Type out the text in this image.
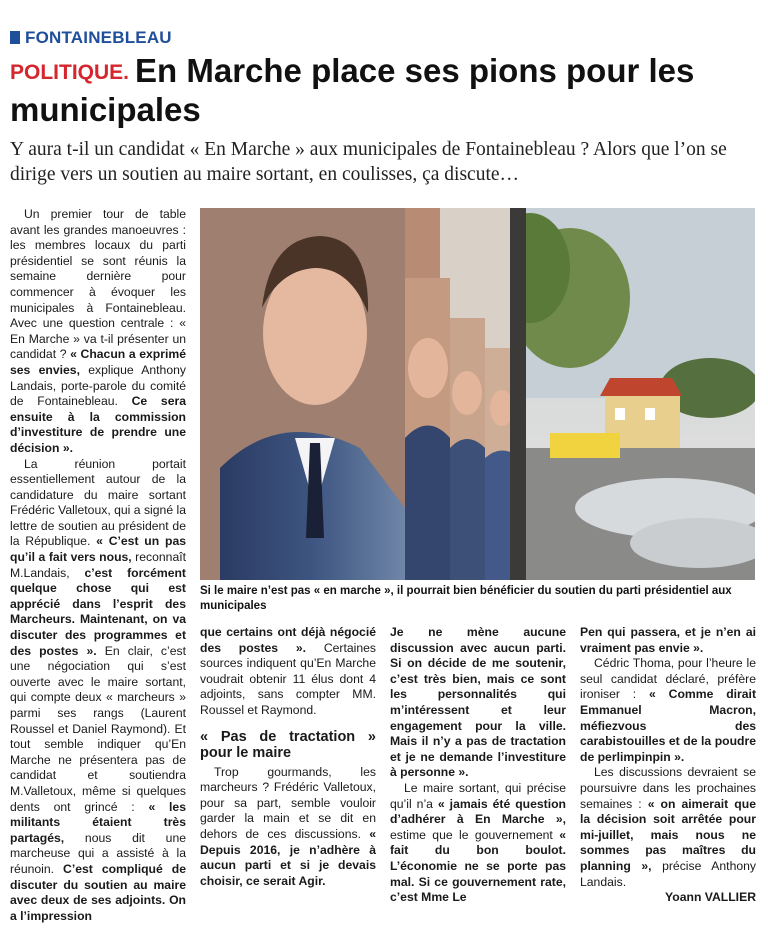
FONTAINEBLEAU
POLITIQUE. En Marche place ses pions pour les municipales
Y aura t-il un candidat « En Marche » aux municipales de Fontainebleau ? Alors que l’on se dirige vers un soutien au maire sortant, en coulisses, ça discute…

Un premier tour de table avant les grandes manoeuvres : les membres locaux du parti présidentiel se sont réunis la semaine dernière pour commencer à évoquer les municipales à Fontainebleau. Avec une question centrale : « En Marche » va t-il présenter un candidat ? « Chacun a exprimé ses envies, explique Anthony Landais, porte-parole du comité de Fontainebleau. Ce sera ensuite à la commission d’investiture de prendre une décision ».

La réunion portait essentiellement autour de la candidature du maire sortant Frédéric Valletoux, qui a signé la lettre de soutien au président de la République. « C’est un pas qu’il a fait vers nous, reconnaît M.Landais, c’est forcément quelque chose qui est apprécié dans l’esprit des Marcheurs. Maintenant, on va discuter des programmes et des postes ». En clair, c’est une négociation qui s’est ouverte avec le maire sortant, qui compte deux « marcheurs » parmi ses rangs (Laurent Roussel et Daniel Raymond). Et tout semble indiquer qu’En Marche ne présentera pas de candidat et soutiendra M.Valletoux, même si quelques dents ont grincé : « les militants étaient très partagés, nous dit une marcheuse qui a assisté à la réunoin. C’est compliqué de discuter du soutien au maire avec deux de ses adjoints. On a l’impression

Si le maire n’est pas « en marche », il pourrait bien bénéficier du soutien du parti présidentiel aux municipales

que certains ont déjà négocié des postes ». Certaines sources indiquent qu’En Marche voudrait obtenir 11 élus dont 4 adjoints, sans compter MM. Roussel et Raymond.

« Pas de tractation » pour le maire

Trop gourmands, les marcheurs ? Frédéric Valletoux, pour sa part, semble vouloir garder la main et se dit en dehors de ces discussions. « Depuis 2016, je n’adhère à aucun parti et si je devais choisir, ce serait Agir.

Je ne mène aucune discussion avec aucun parti. Si on décide de me soutenir, c’est très bien, mais ce sont les personnalités qui m’intéressent et leur engagement pour la ville. Mais il n’y a pas de tractation et je ne demande l’investiture à personne ».

Le maire sortant, qui précise qu’il n’a « jamais été question d’adhérer à En Marche », estime que le gouvernement « fait du bon boulot. L’économie ne se porte pas mal. Si ce gouvernement rate, c’est Mme Le

Pen qui passera, et je n’en ai vraiment pas envie ».

Cédric Thoma, pour l’heure le seul candidat déclaré, préfère ironiser : « Comme dirait Emmanuel Macron, méfiezvous des carabistouilles et de la poudre de perlimpinpin ».

Les discussions devraient se poursuivre dans les prochaines semaines : « on aimerait que la décision soit arrêtée pour mi-juillet, mais nous ne sommes pas maîtres du planning », précise Anthony Landais.

Yoann VALLIER
